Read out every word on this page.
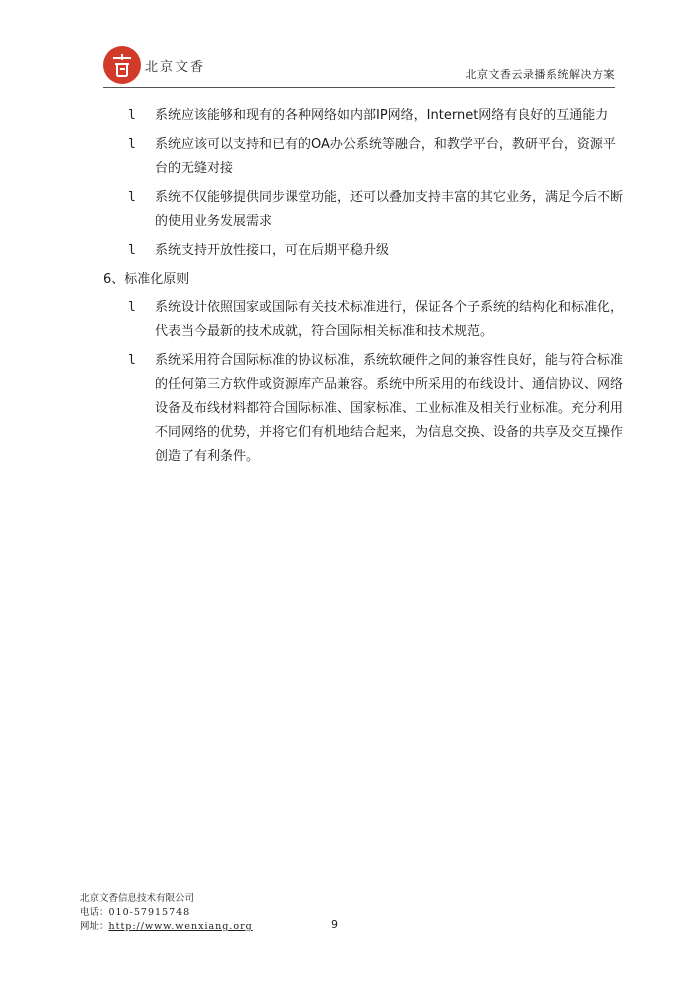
北京文香	北京文香云录播系统解决方案
l 系统应该能够和现有的各种网络如内部IP网络，Internet网络有良好的互通能力
l 系统应该可以支持和已有的OA办公系统等融合，和教学平台，教研平台，资源平台的无缝对接
l 系统不仅能够提供同步课堂功能，还可以叠加支持丰富的其它业务，满足今后不断的使用业务发展需求
l 系统支持开放性接口，可在后期平稳升级
6、标准化原则
l 系统设计依照国家或国际有关技术标准进行，保证各个子系统的结构化和标准化，代表当今最新的技术成就，符合国际相关标准和技术规范。
l 系统采用符合国际标准的协议标准，系统软硬件之间的兼容性良好，能与符合标准的任何第三方软件或资源库产品兼容。系统中所采用的布线设计、通信协议、网络设备及布线材料都符合国际标准、国家标准、工业标准及相关行业标准。充分利用不同网络的优势，并将它们有机地结合起来，为信息交换、设备的共享及交互操作创造了有利条件。
北京文香信息技术有限公司
电话：010-57915748
网址：http://www.wenxiang.org	9
